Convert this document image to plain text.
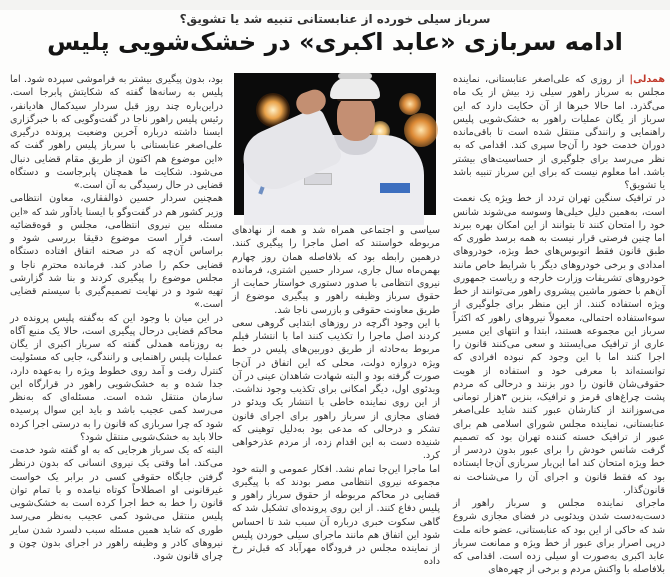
سرباز سیلی خورده از عنابستانی تنبیه شد یا تشویق؟
ادامه سربازی «عابد اکبری» در خشک‌شویی پلیس

همدلی| از روزی که علی‌اصغر عنابستانی، نماینده مجلس به سرباز راهور سیلی زد بیش از یک ماه می‌گذرد. اما حالا خبرها از آن حکایت دارد که این سرباز از یگان عملیات راهور به خشک‌شویی پلیس راهنمایی و رانندگی منتقل شده است تا باقی‌مانده دوران خدمت خود را آن‌جا سپری کند. اقدامی که به نظر می‌رسد برای جلوگیری از حساسیت‌های بیشتر باشد. اما معلوم نیست که برای این سرباز تنبیه باشد یا تشویق؟

در ترافیک سنگین تهران تردد از خط ویژه یک نعمت است، به‌همین دلیل خیلی‌ها وسوسه می‌شوند شانس خود را امتحان کنند تا بتوانند از این امکان بهره ببرند اما چنین فرصتی قرار نیست به همه برسد طوری که طبق قانون فقط اتوبوس‌های خط ویژه، خودروهای امدادی و برخی خودروهای دیگر با شرایط خاص مانند خودروهای تشریفات وزارت خارجه و ریاست جمهوری آن‌هم با حضور ماشین پیشروی راهور می‌توانند از خط ویژه استفاده کنند. از این منظر برای جلوگیری از سوءاستفاده احتمالی، معمولاً نیروهای راهور که اکثراً سرباز این مجموعه هستند، ابتدا و انتهای این مسیر عاری از ترافیک می‌ایستند و سعی می‌کنند قانون را اجرا کنند اما با این وجود کم نبوده افرادی که توانسته‌اند با معرفی خود و استفاده از هویت حقوقی‌شان قانون را دور بزنند و درحالی که مردم پشت چراغ‌های قرمز و ترافیک، بنزین ۳هزار تومانی می‌سوزانند از کنارشان عبور کنند شاید علی‌اصغر عنابستانی، نماینده مجلس شورای اسلامی هم برای عبور از ترافیک خسته کننده تهران بود که تصمیم گرفت شانس خودش را برای عبور بدون دردسر از خط ویژه امتحان کند اما این‌بار سربازی آن‌جا ایستاده بود که فقط قانون و اجرای آن را می‌شناخت نه قانون‌گذار.

ماجرای نماینده مجلس و سرباز راهور از دست‌به‌دست شدن ویدئویی در فضای مجازی شروع شد که حاکی از این بود که عنابستانی، عضو خانه ملت درپی اصرار برای عبور از خط ویژه و ممانعت سرباز عابد اکبری به‌صورت او سیلی زده است. اقدامی که بلافاصله با واکنش مردم و برخی از چهره‌های

سیاسی و اجتماعی همراه شد و همه از نهادهای مربوطه خواستند که اصل ماجرا را پیگیری کنند. درهمین رابطه بود که بلافاصله همان روز چهارم بهمن‌ماه سال جاری، سردار حسین اشتری، فرمانده نیروی انتظامی با صدور دستوری خواستار حمایت از حقوق سرباز وظیفه راهور و پیگیری موضوع از طریق معاونت حقوقی و بازرسی ناجا شد.

با این وجود اگرچه در روزهای ابتدایی گروهی سعی کردند اصل ماجرا را تکذیب کنند اما با انتشار فیلم مربوط به‌حادثه از طریق دوربین‌های پلیس در خط ویژه دروازه دولت، محلی که این اتفاق در آن‌جا صورت گرفته بود و البته شهادت شاهدان عینی در آن ویدئوی اول، دیگر امکانی برای تکذیب وجود نداشت. از این روی نماینده خاطی با انتشار یک ویدئو در فضای مجازی از سرباز راهور برای اجرای قانون تشکر و درحالی که مدعی بود به‌دلیل توهینی که شنیده دست به این اقدام زده، از مردم عذرخواهی کرد.

اما ماجرا این‌جا تمام نشد. افکار عمومی و البته خود مجموعه نیروی انتظامی مصر بودند که با پیگیری قضایی در محاکم مربوطه از حقوق سرباز راهور و پلیس دفاع کنند. از این روی پرونده‌ای تشکیل شد که گاهی سکوت خبری درباره آن سبب شد تا احساس شود این اتفاق هم مانند ماجرای سیلی خوردن پلیس از نماینده مجلس در فرودگاه مهرآباد که قبل‌تر رخ داده

بود، بدون پیگیری بیشتر به فراموشی سپرده شود. اما پلیس به رسانه‌ها گفته که شکایتش پابرجا است. دراین‌باره چند روز قبل سردار سیدکمال هادیانفر، رئیس پلیس راهور ناجا در گفت‌وگویی که با خبرگزاری ایسنا داشته درباره آخرین وضعیت پرونده درگیری علی‌اصغر عنابستانی با سرباز پلیس راهور گفت که «این موضوع هم اکنون از طریق مقام قضایی دنبال می‌شود. شکایت ما همچنان پابرجاست و دستگاه قضایی در حال رسیدگی به آن است.»

همچنین سردار حسین ذوالفقاری، معاون انتظامی وزیر کشور هم در گفت‌وگو با ایسنا یادآور شد که «این مسئله بین نیروی انتظامی، مجلس و قوه‌قضائیه است. قرار است موضوع دقیقا بررسی شود و براساس آن‌چه که در صحنه اتفاق افتاده دستگاه قضایی حکم را صادر کند. فرمانده محترم ناجا و مجلس موضوع را پیگیری کردند و بنا شد گزارشی تهیه شود و در نهایت تصمیم‌گیری با سیستم قضایی است.»

در این میان با وجود این که به‌گفته پلیس پرونده در محاکم قضایی درحال پیگیری است، حالا یک منبع آگاه به روزنامه همدلی گفته که سرباز اکبری از یگان عملیات پلیس راهنمایی و رانندگی، جایی که مسئولیت کنترل رفت و آمد روی خطوط ویژه را به‌عهده دارد، جدا شده و به خشک‌شویی راهور در قرارگاه این سازمان منتقل شده است. مسئله‌ای که به‌نظر می‌رسد کمی عجیب باشد و باید این سوال پرسیده شود که چرا سربازی که قانون را به درستی اجرا کرده حالا باید به خشک‌شویی منتقل شود؟

البته که یک سرباز هرجایی که به او گفته شود خدمت می‌کند. اما وقتی یک نیروی انسانی که بدون درنظر گرفتن جایگاه حقوقی کسی در برابر یک خواست غیرقانونی او اصطلاحاً کوتاه نیامده و با تمام توان قانون را خط به خط اجرا کرده است به خشک‌شویی پلیس منتقل می‌شود کمی عجیب به‌نظر می‌رسد طوری که شاید همین مسئله سبب دلسرد شدن سایر نیروهای کادر و وظیفه راهور در اجرای بدون چون و چرای قانون شود.
